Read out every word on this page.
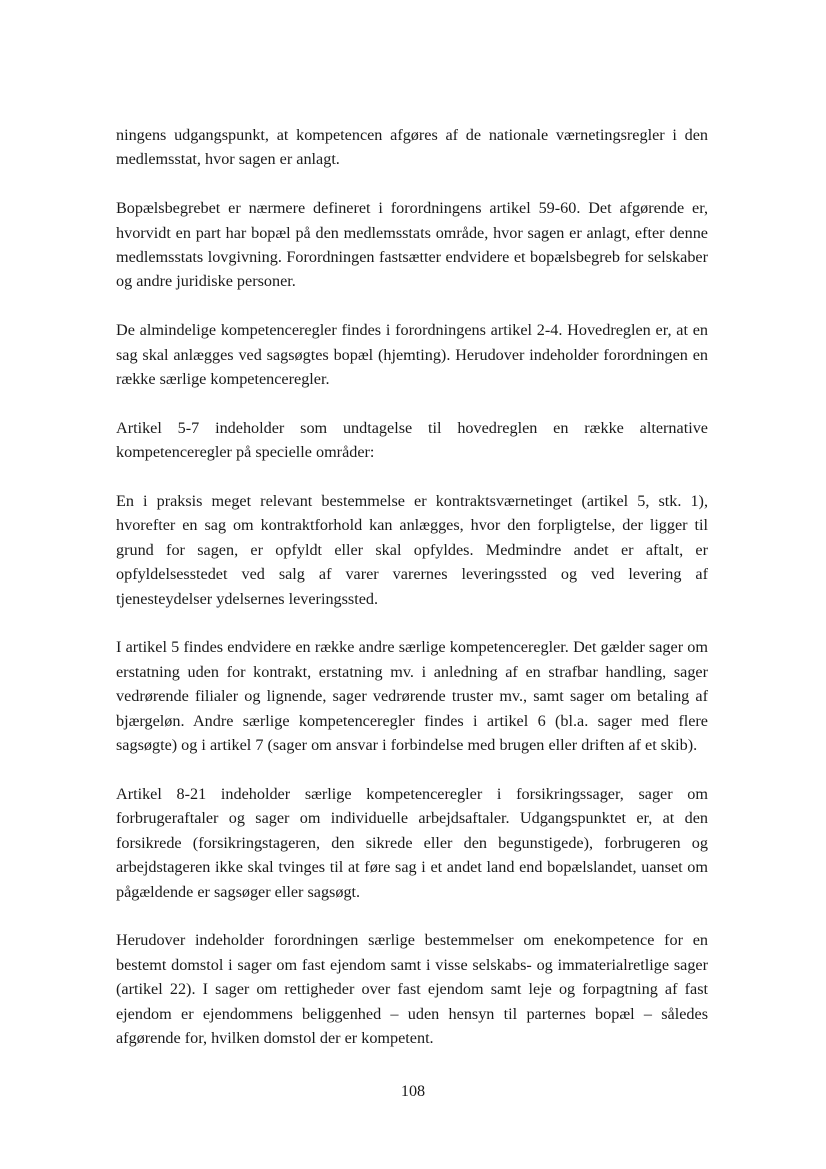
ningens udgangspunkt, at kompetencen afgøres af de nationale værnetingsregler i den medlemsstat, hvor sagen er anlagt.

Bopælsbegrebet er nærmere defineret i forordningens artikel 59-60. Det afgørende er, hvorvidt en part har bopæl på den medlemsstats område, hvor sagen er anlagt, efter denne medlemsstats lovgivning. Forordningen fastsætter endvidere et bopælsbegreb for selskaber og andre juridiske personer.

De almindelige kompetenceregler findes i forordningens artikel 2-4. Hovedreglen er, at en sag skal anlægges ved sagsøgtes bopæl (hjemting). Herudover indeholder forordningen en række særlige kompetenceregler.

Artikel 5-7 indeholder som undtagelse til hovedreglen en række alternative kompetenceregler på specielle områder:

En i praksis meget relevant bestemmelse er kontraktsværnetinget (artikel 5, stk. 1), hvorefter en sag om kontraktforhold kan anlægges, hvor den forpligtelse, der ligger til grund for sagen, er opfyldt eller skal opfyldes. Medmindre andet er aftalt, er opfyldelsesstedet ved salg af varer varernes leveringssted og ved levering af tjenesteydelser ydelsernes leveringssted.

I artikel 5 findes endvidere en række andre særlige kompetenceregler. Det gælder sager om erstatning uden for kontrakt, erstatning mv. i anledning af en strafbar handling, sager vedrørende filialer og lignende, sager vedrørende truster mv., samt sager om betaling af bjærgeløn. Andre særlige kompetenceregler findes i artikel 6 (bl.a. sager med flere sagsøgte) og i artikel 7 (sager om ansvar i forbindelse med brugen eller driften af et skib).

Artikel 8-21 indeholder særlige kompetenceregler i forsikringssager, sager om forbrugeraftaler og sager om individuelle arbejdsaftaler. Udgangspunktet er, at den forsikrede (forsikringstageren, den sikrede eller den begunstigede), forbrugeren og arbejdstageren ikke skal tvinges til at føre sag i et andet land end bopælslandet, uanset om pågældende er sagsøger eller sagsøgt.

Herudover indeholder forordningen særlige bestemmelser om enekompetence for en bestemt domstol i sager om fast ejendom samt i visse selskabs- og immaterialretlige sager (artikel 22). I sager om rettigheder over fast ejendom samt leje og forpagtning af fast ejendom er ejendommens beliggenhed – uden hensyn til parternes bopæl – således afgørende for, hvilken domstol der er kompetent.

108
